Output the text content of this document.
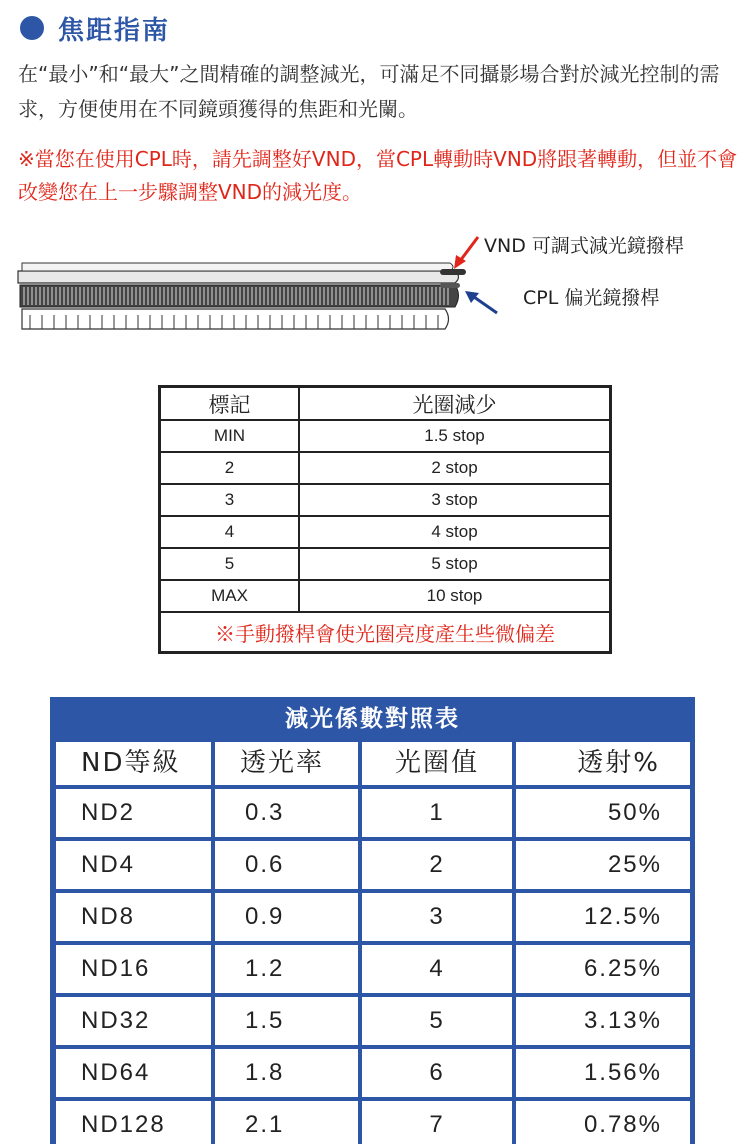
焦距指南
在“最小”和“最大”之間精確的調整減光，可滿足不同攝影場合對於減光控制的需求，方便使用在不同鏡頭獲得的焦距和光闌。
※當您在使用CPL時，請先調整好VND，當CPL轉動時VND將跟著轉動，但並不會改變您在上一步驟調整VND的減光度。
VND 可調式減光鏡撥桿
CPL 偏光鏡撥桿
標記	光圈減少
MIN	1.5 stop
2	2 stop
3	3 stop
4	4 stop
5	5 stop
MAX	10 stop
※手動撥桿會使光圈亮度產生些微偏差	
減光係數對照表
ND等級	透光率	光圈值	透射%
ND2	0.3	1	50%
ND4	0.6	2	25%
ND8	0.9	3	12.5%
ND16	1.2	4	6.25%
ND32	1.5	5	3.13%
ND64	1.8	6	1.56%
ND128	2.1	7	0.78%
